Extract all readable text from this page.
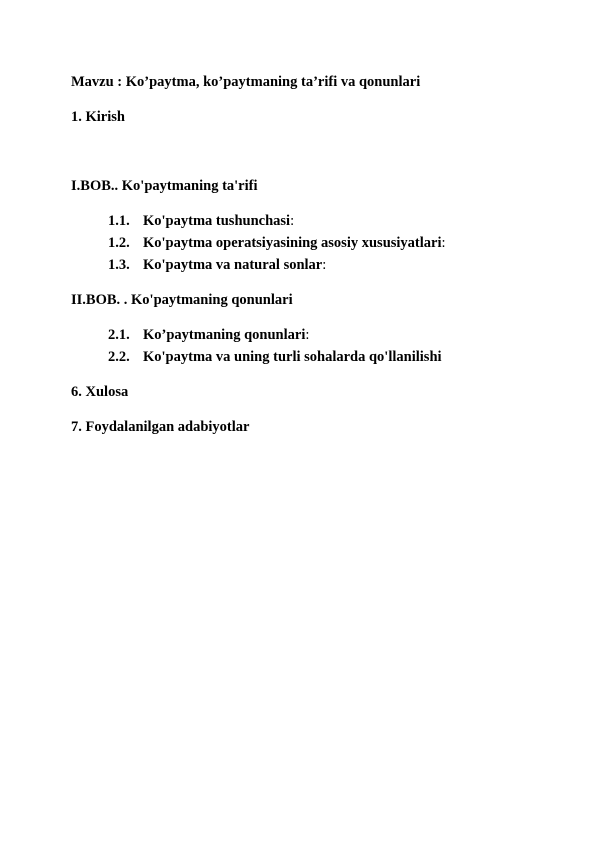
Mavzu : Ko’paytma, ko’paytmaning ta’rifi va qonunlari
1. Kirish
I.BOB.. Ko'paytmaning ta'rifi
1.1. Ko'paytma tushunchasi:
1.2. Ko'paytma operatsiyasining asosiy xususiyatlari:
1.3. Ko'paytma va natural sonlar:
II.BOB. . Ko'paytmaning qonunlari
2.1. Ko’paytmaning qonunlari:
2.2. Ko'paytma va uning turli sohalarda qo'llanilishi
6. Xulosa
7. Foydalanilgan adabiyotlar
